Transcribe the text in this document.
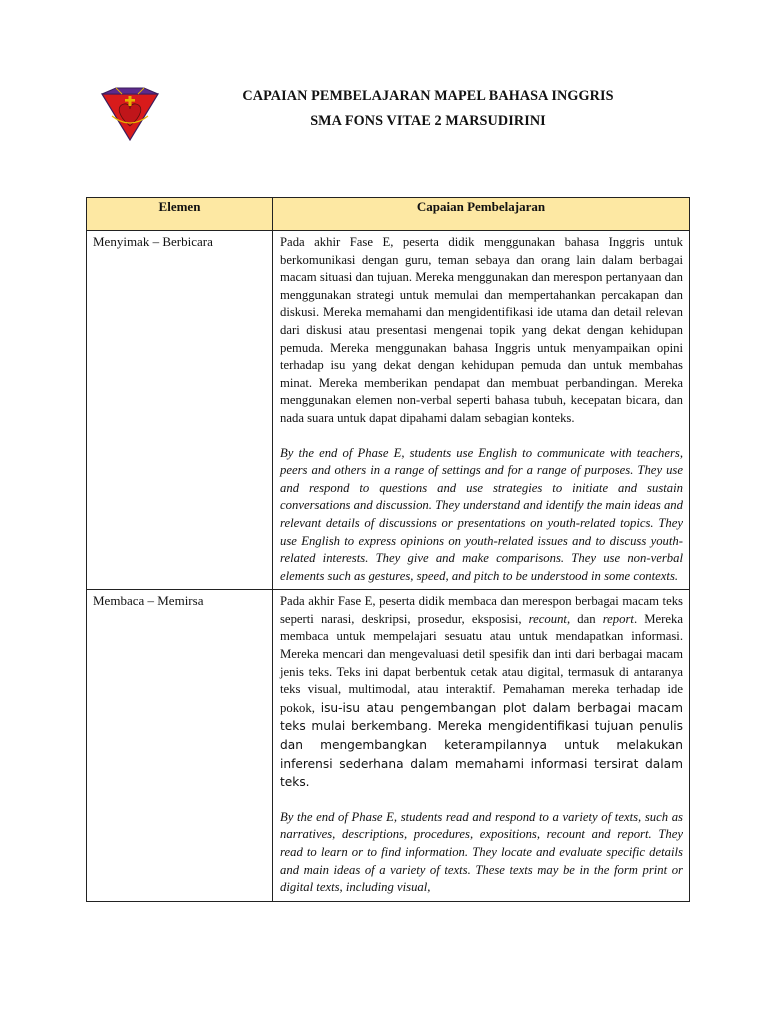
CAPAIAN PEMBELAJARAN MAPEL BAHASA INGGRIS
SMA FONS VITAE 2 MARSUDIRINI
Elemen	Capaian Pembelajaran
Menyimak – Berbicara	Pada akhir Fase E, peserta didik menggunakan bahasa Inggris untuk berkomunikasi dengan guru, teman sebaya dan orang lain dalam berbagai macam situasi dan tujuan. Mereka menggunakan dan merespon pertanyaan dan menggunakan strategi untuk memulai dan mempertahankan percakapan dan diskusi. Mereka memahami dan mengidentifikasi ide utama dan detail relevan dari diskusi atau presentasi mengenai topik yang dekat dengan kehidupan pemuda. Mereka menggunakan bahasa Inggris untuk menyampaikan opini terhadap isu yang dekat dengan kehidupan pemuda dan untuk membahas minat. Mereka memberikan pendapat dan membuat perbandingan. Mereka menggunakan elemen non-verbal seperti bahasa tubuh, kecepatan bicara, dan nada suara untuk dapat dipahami dalam sebagian konteks.

By the end of Phase E, students use English to communicate with teachers, peers and others in a range of settings and for a range of purposes. They use and respond to questions and use strategies to initiate and sustain conversations and discussion. They understand and identify the main ideas and relevant details of discussions or presentations on youth-related topics. They use English to express opinions on youth-related issues and to discuss youth-related interests. They give and make comparisons. They use non-verbal elements such as gestures, speed, and pitch to be understood in some contexts.

Membaca – Memirsa	Pada akhir Fase E, peserta didik membaca dan merespon berbagai macam teks seperti narasi, deskripsi, prosedur, eksposisi, recount, dan report. Mereka membaca untuk mempelajari sesuatu atau untuk mendapatkan informasi. Mereka mencari dan mengevaluasi detil spesifik dan inti dari berbagai macam jenis teks. Teks ini dapat berbentuk cetak atau digital, termasuk di antaranya teks visual, multimodal, atau interaktif. Pemahaman mereka terhadap ide pokok, isu-isu atau pengembangan plot dalam berbagai macam teks mulai berkembang. Mereka mengidentifikasi tujuan penulis dan mengembangkan keterampilannya untuk melakukan inferensi sederhana dalam memahami informasi tersirat dalam teks.

By the end of Phase E, students read and respond to a variety of texts, such as narratives, descriptions, procedures, expositions, recount and report. They read to learn or to find information. They locate and evaluate specific details and main ideas of a variety of texts. These texts may be in the form print or digital texts, including visual,
